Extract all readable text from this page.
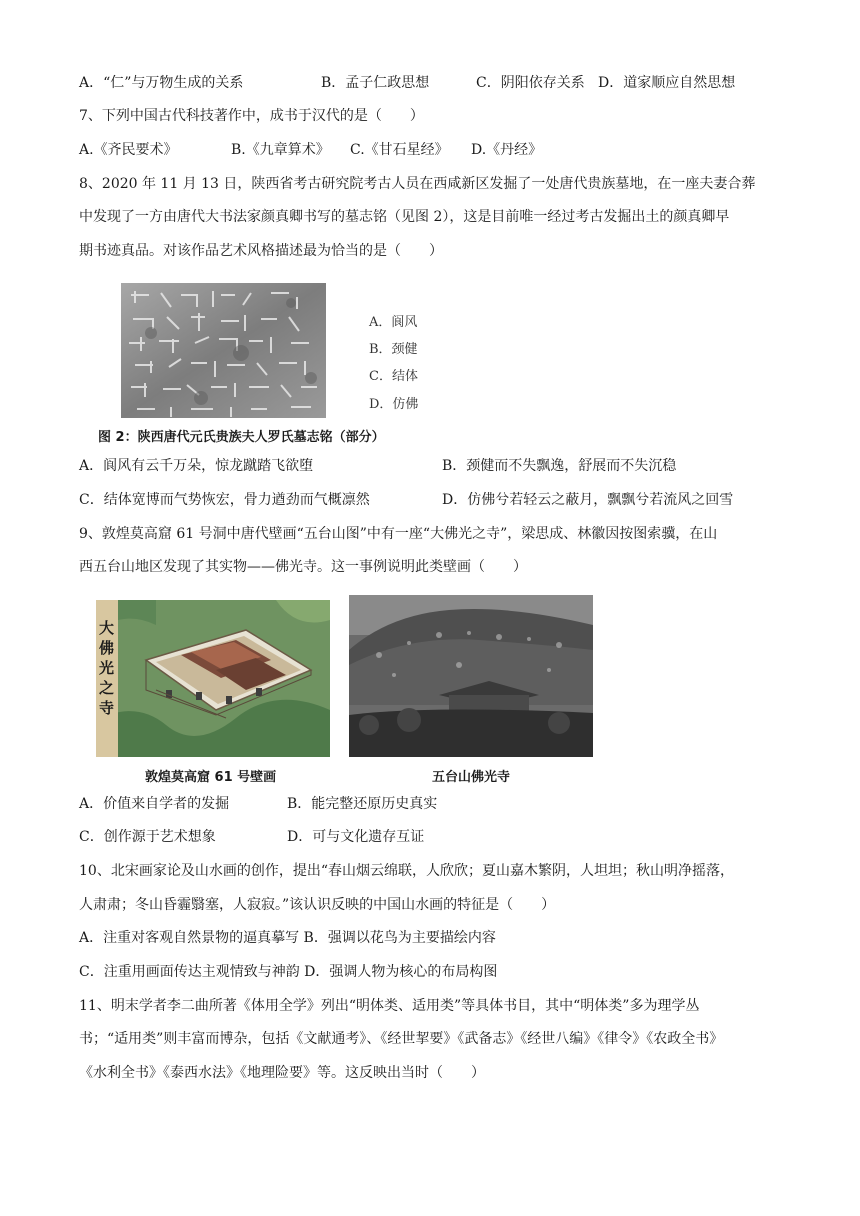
A．“仁”与万物生成的关系	B．孟子仁政思想	C．阴阳依存关系 D．道家顺应自然思想
7、下列中国古代科技著作中，成书于汉代的是（　　）
A.《齐民要术》	B.《九章算术》 C.《甘石星经》 D.《丹经》
8、2020 年 11 月 13 日，陕西省考古研究院考古人员在西咸新区发掘了一处唐代贵族墓地，在一座夫妻合葬
中发现了一方由唐代大书法家颜真卿书写的墓志铭（见图 2），这是目前唯一经过考古发掘出土的颜真卿早
期书迹真品。对该作品艺术风格描述最为恰当的是（　　）
A．阆风
B．颈健
C．结体
D．仿佛
图 2：陕西唐代元氏贵族夫人罗氏墓志铭（部分）
A．阆风有云千万朵，惊龙蹴踏飞欲堕	B．颈健而不失飘逸，舒展而不失沉稳
C．结体宽博而气势恢宏，骨力遒劲而气概凛然	D．仿佛兮若轻云之蔽月，飘飘兮若流风之回雪
9、敦煌莫高窟 61 号洞中唐代壁画“五台山图”中有一座“大佛光之寺”，梁思成、林徽因按图索骥，在山
西五台山地区发现了其实物——佛光寺。这一事例说明此类壁画（　　）
大佛光之寺
敦煌莫高窟 61 号壁画	五台山佛光寺
A．价值来自学者的发掘	B．能完整还原历史真实
C．创作源于艺术想象	D．可与文化遗存互证
10、北宋画家论及山水画的创作，提出“春山烟云绵联，人欣欣；夏山嘉木繁阴，人坦坦；秋山明净摇落，
人肃肃；冬山昏霾翳塞，人寂寂。”该认识反映的中国山水画的特征是（　　）
A．注重对客观自然景物的逼真摹写 B．强调以花鸟为主要描绘内容
C．注重用画面传达主观情致与神韵 D．强调人物为核心的布局构图
11、明末学者李二曲所著《体用全学》列出“明体类、适用类”等具体书目，其中“明体类”多为理学丛
书；“适用类”则丰富而博杂，包括《文献通考》、《经世挈要》《武备志》《经世八编》《律令》《农政全书》
《水利全书》《泰西水法》《地理险要》等。这反映出当时（　　）
